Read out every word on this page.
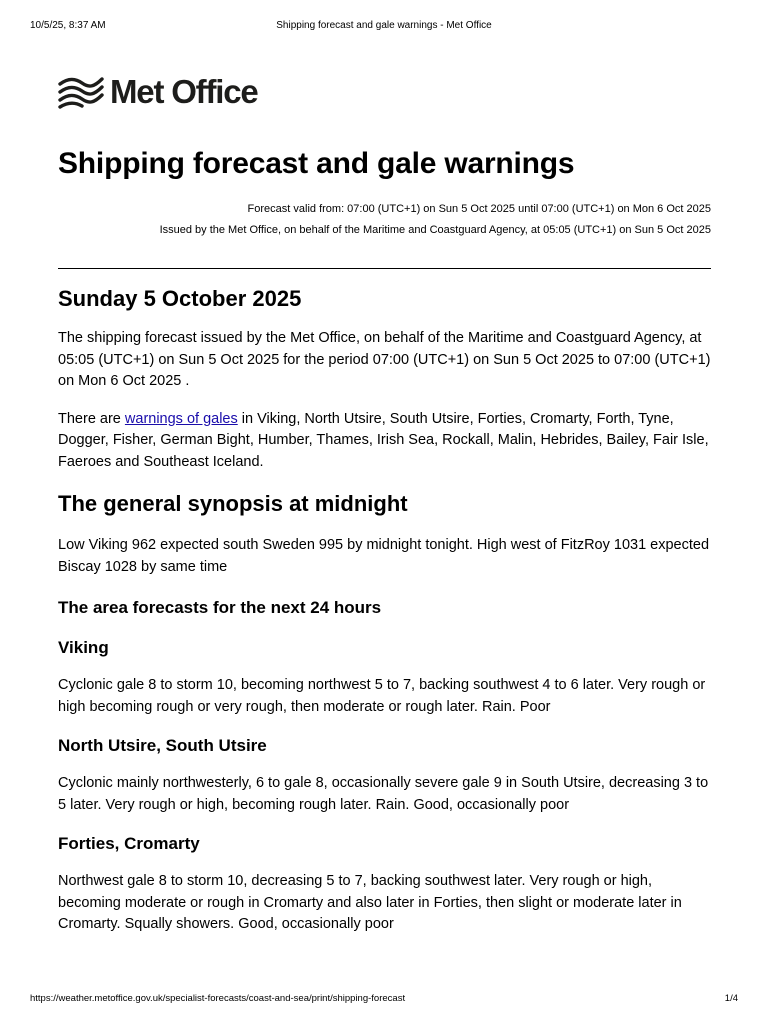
10/5/25, 8:37 AM	Shipping forecast and gale warnings - Met Office
Met Office
Shipping forecast and gale warnings
Forecast valid from: 07:00 (UTC+1) on Sun 5 Oct 2025 until 07:00 (UTC+1) on Mon 6 Oct 2025
Issued by the Met Office, on behalf of the Maritime and Coastguard Agency, at 05:05 (UTC+1) on Sun 5 Oct 2025
Sunday 5 October 2025

The shipping forecast issued by the Met Office, on behalf of the Maritime and Coastguard Agency, at 05:05 (UTC+1) on Sun 5 Oct 2025 for the period 07:00 (UTC+1) on Sun 5 Oct 2025 to 07:00 (UTC+1) on Mon 6 Oct 2025 .

There are warnings of gales in Viking, North Utsire, South Utsire, Forties, Cromarty, Forth, Tyne, Dogger, Fisher, German Bight, Humber, Thames, Irish Sea, Rockall, Malin, Hebrides, Bailey, Fair Isle, Faeroes and Southeast Iceland.

The general synopsis at midnight

Low Viking 962 expected south Sweden 995 by midnight tonight. High west of FitzRoy 1031 expected Biscay 1028 by same time

The area forecasts for the next 24 hours
Viking

Cyclonic gale 8 to storm 10, becoming northwest 5 to 7, backing southwest 4 to 6 later. Very rough or high becoming rough or very rough, then moderate or rough later. Rain. Poor

North Utsire, South Utsire

Cyclonic mainly northwesterly, 6 to gale 8, occasionally severe gale 9 in South Utsire, decreasing 3 to 5 later. Very rough or high, becoming rough later. Rain. Good, occasionally poor

Forties, Cromarty

Northwest gale 8 to storm 10, decreasing 5 to 7, backing southwest later. Very rough or high, becoming moderate or rough in Cromarty and also later in Forties, then slight or moderate later in Cromarty. Squally showers. Good, occasionally poor

https://weather.metoffice.gov.uk/specialist-forecasts/coast-and-sea/print/shipping-forecast	1/4
